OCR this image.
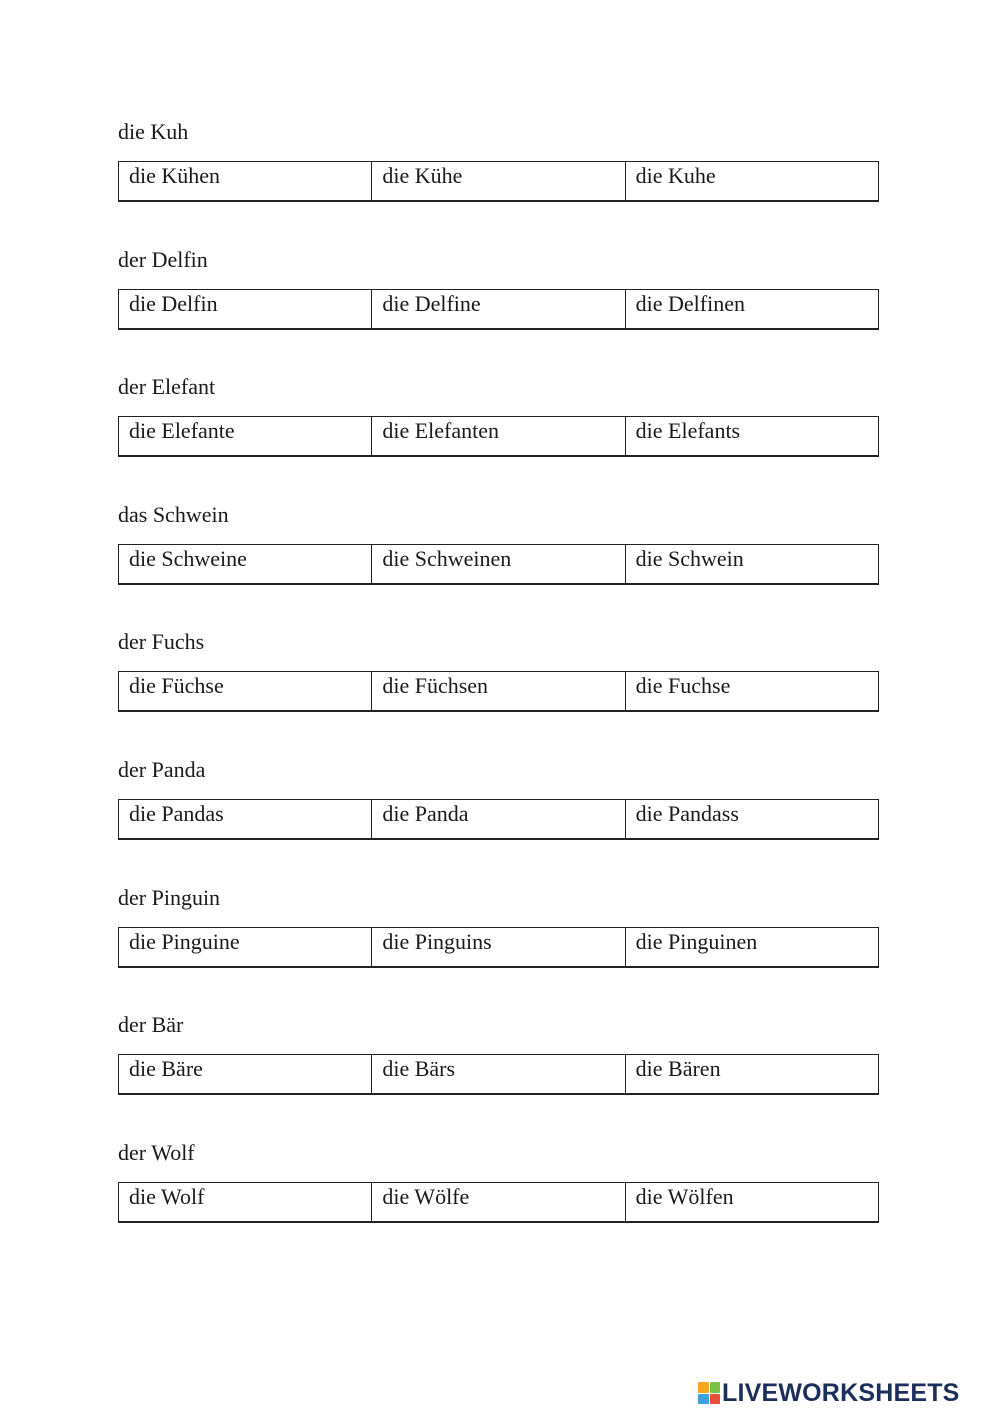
die Kuh

die Kühen	die Kühe	die Kuhe

der Delfin

die Delfin	die Delfine	die Delfinen

der Elefant

die Elefante	die Elefanten	die Elefants

das Schwein

die Schweine	die Schweinen	die Schwein

der Fuchs

die Füchse	die Füchsen	die Fuchse

der Panda

die Pandas	die Panda	die Pandass

der Pinguin

die Pinguine	die Pinguins	die Pinguinen

der Bär

die Bäre	die Bärs	die Bären

der Wolf

die Wolf	die Wölfe	die Wölfen
LIVEWORKSHEETS
